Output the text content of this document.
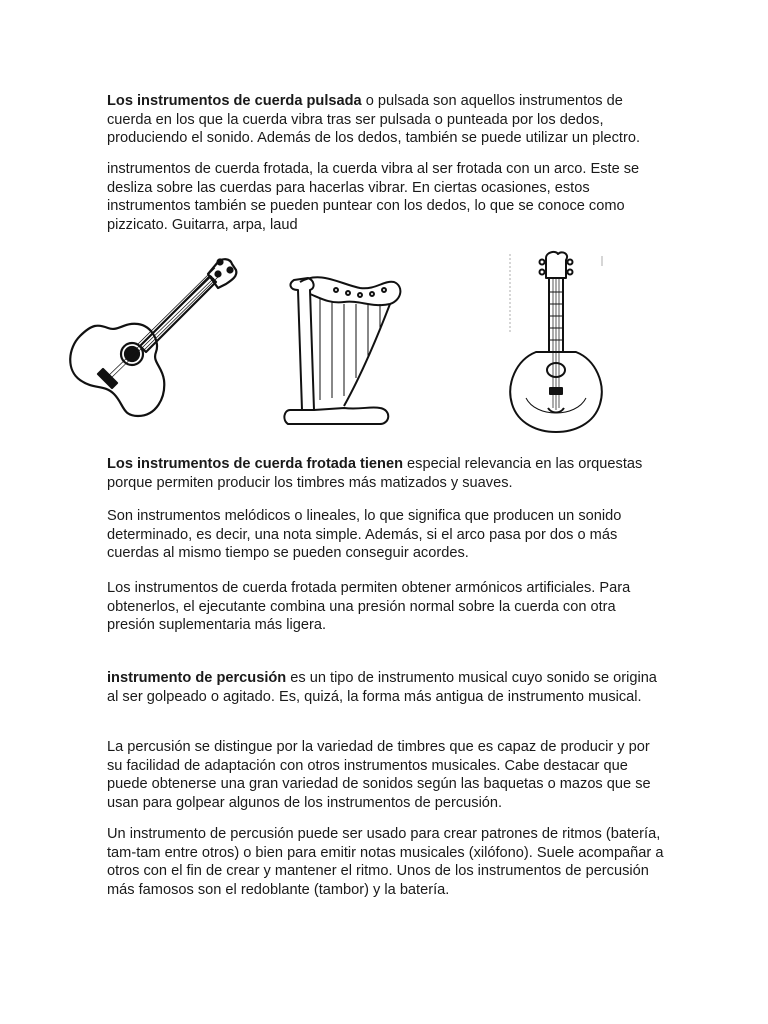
Los instrumentos de cuerda pulsada o pulsada son aquellos instrumentos de cuerda en los que la cuerda vibra tras ser pulsada o punteada por los dedos, produciendo el sonido. Además de los dedos, también se puede utilizar un plectro.

instrumentos de cuerda frotada, la cuerda vibra al ser frotada con un arco. Este se desliza sobre las cuerdas para hacerlas vibrar. En ciertas ocasiones, estos instrumentos también se pueden puntear con los dedos, lo que se conoce como pizzicato. Guitarra, arpa, laud

Los instrumentos de cuerda frotada tienen especial relevancia en las orquestas porque permiten producir los timbres más matizados y suaves.

Son instrumentos melódicos o lineales, lo que significa que producen un sonido determinado, es decir, una nota simple. Además, si el arco pasa por dos o más cuerdas al mismo tiempo se pueden conseguir acordes.

Los instrumentos de cuerda frotada permiten obtener armónicos artificiales. Para obtenerlos, el ejecutante combina una presión normal sobre la cuerda con otra presión suplementaria más ligera.

instrumento de percusión es un tipo de instrumento musical cuyo sonido se origina al ser golpeado o agitado. Es, quizá, la forma más antigua de instrumento musical.

La percusión se distingue por la variedad de timbres que es capaz de producir y por su facilidad de adaptación con otros instrumentos musicales. Cabe destacar que puede obtenerse una gran variedad de sonidos según las baquetas o mazos que se usan para golpear algunos de los instrumentos de percusión.

Un instrumento de percusión puede ser usado para crear patrones de ritmos (batería, tam-tam entre otros) o bien para emitir notas musicales (xilófono). Suele acompañar a otros con el fin de crear y mantener el ritmo. Unos de los instrumentos de percusión más famosos son el redoblante (tambor) y la batería.
